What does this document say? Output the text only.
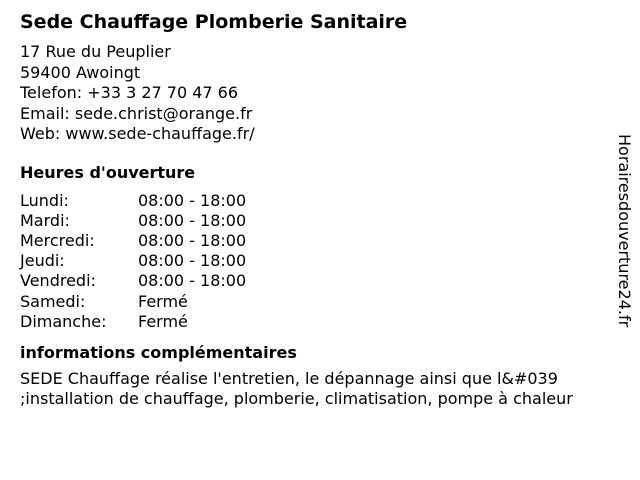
Sede Chauffage Plomberie Sanitaire
17 Rue du Peuplier
59400 Awoingt
Telefon: +33 3 27 70 47 66
Email: sede.christ@orange.fr
Web: www.sede-chauffage.fr/
Heures d'ouverture
Lundi:	08:00 - 18:00
Mardi:	08:00 - 18:00
Mercredi:	08:00 - 18:00
Jeudi:	08:00 - 18:00
Vendredi:	08:00 - 18:00
Samedi:	Fermé
Dimanche:	Fermé
informations complémentaires
SEDE Chauffage réalise l'entretien, le dépannage ainsi que l&#039
;installation de chauffage, plomberie, climatisation, pompe à chaleur
Horairesdouverture24.fr
